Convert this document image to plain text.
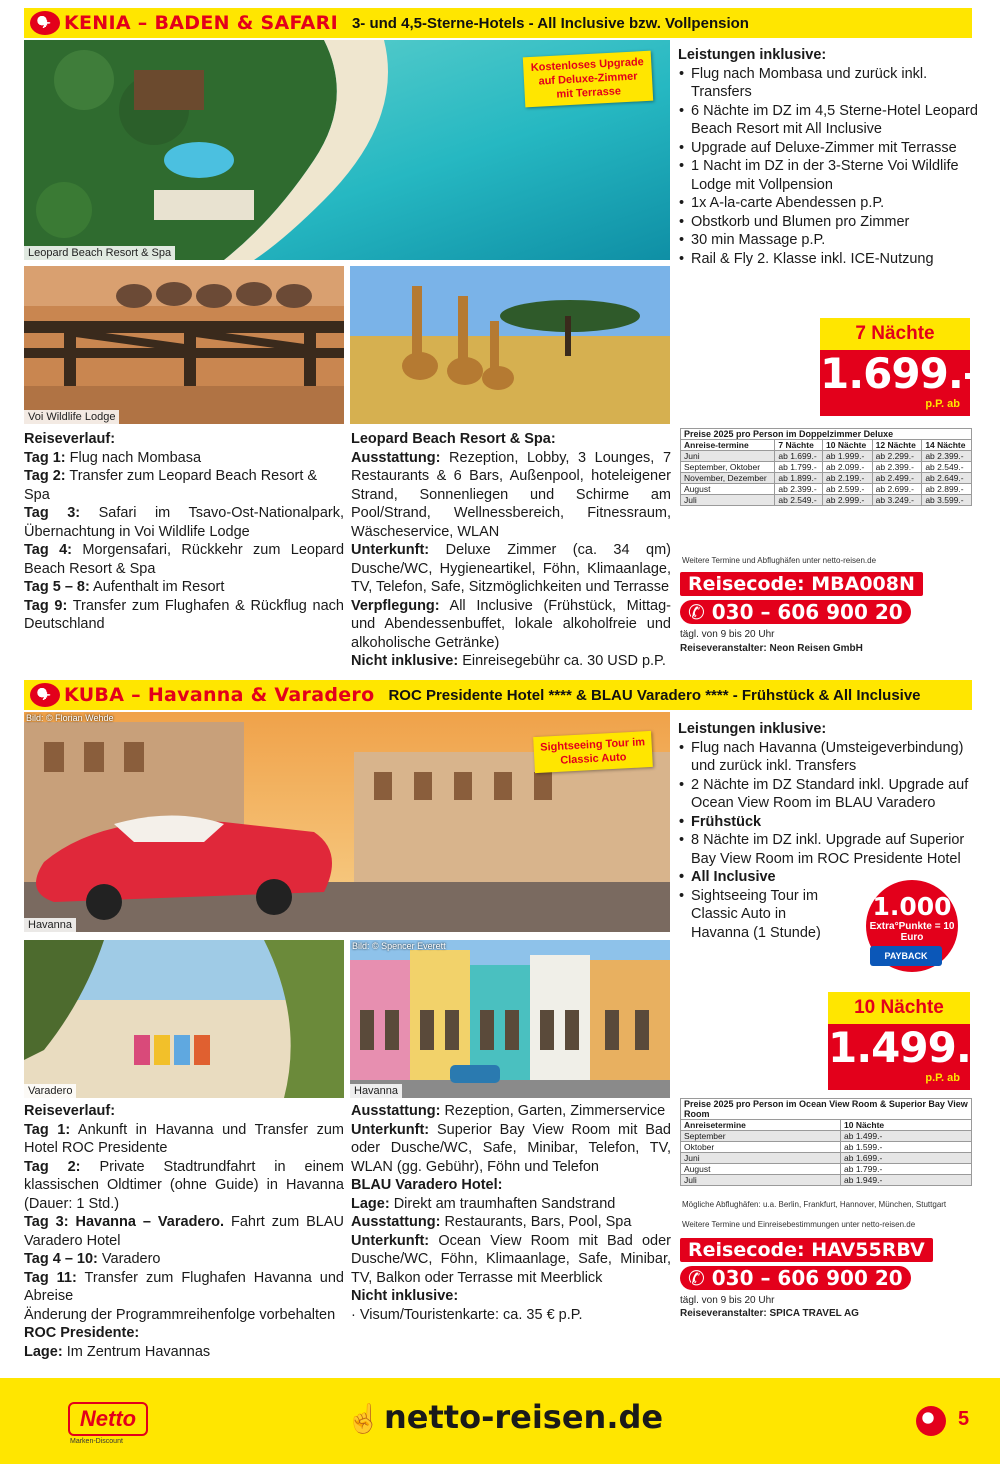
✈ KENIA – BADEN & SAFARI 3- und 4,5-Sterne-Hotels - All Inclusive bzw. Vollpension
Kostenloses Upgrade auf Deluxe-Zimmer mit Terrasse
Leopard Beach Resort & Spa
Leistungen inklusive:
• Flug nach Mombasa und zurück inkl. Transfers
• 6 Nächte im DZ im 4,5 Sterne-Hotel Leopard Beach Resort mit All Inclusive
• Upgrade auf Deluxe-Zimmer mit Terrasse
• 1 Nacht im DZ in der 3-Sterne Voi Wildlife Lodge mit Vollpension
• 1x A-la-carte Abendessen p.P.
• Obstkorb und Blumen pro Zimmer
• 30 min Massage p.P.
• Rail & Fly 2. Klasse inkl. ICE-Nutzung
Voi Wildlife Lodge
Reiseverlauf:
Tag 1: Flug nach Mombasa
Tag 2: Transfer zum Leopard Beach Resort & Spa
Tag 3: Safari im Tsavo-Ost-Nationalpark, Übernachtung in Voi Wildlife Lodge
Tag 4: Morgensafari, Rückkehr zum Leopard Beach Resort & Spa
Tag 5 – 8: Aufenthalt im Resort
Tag 9: Transfer zum Flughafen & Rückflug nach Deutschland
Leopard Beach Resort & Spa:
Ausstattung: Rezeption, Lobby, 3 Lounges, 7 Restaurants & 6 Bars, Außenpool, hoteleigener Strand, Sonnenliegen und Schirme am Pool/Strand, Wellnessbereich, Fitnessraum, Wäscheservice, WLAN
Unterkunft: Deluxe Zimmer (ca. 34 qm) Dusche/WC, Hygieneartikel, Föhn, Klimaanlage, TV, Telefon, Safe, Sitzmöglichkeiten und Terrasse
Verpflegung: All Inclusive (Frühstück, Mittag- und Abendessenbuffet, lokale alkoholfreie und alkoholische Getränke)
Nicht inklusive: Einreisegebühr ca. 30 USD p.P.
7 Nächte
1.699.-
p.P. ab
Preise 2025 pro Person im Doppelzimmer Deluxe				
Anreise-termine	7 Nächte	10 Nächte	12 Nächte	14 Nächte
Juni	ab 1.699.-	ab 1.999.-	ab 2.299.-	ab 2.399.-
September, Oktober	ab 1.799.-	ab 2.099.-	ab 2.399.-	ab 2.549.-
November, Dezember	ab 1.899.-	ab 2.199.-	ab 2.499.-	ab 2.649.-
August	ab 2.399.-	ab 2.599.-	ab 2.699.-	ab 2.899.-
Juli	ab 2.549.-	ab 2.999.-	ab 3.249.-	ab 3.599.-
Weitere Termine und Abflughäfen unter netto-reisen.de
Reisecode: MBA008N
✆ 030 – 606 900 20
tägl. von 9 bis 20 Uhr
Reiseveranstalter: Neon Reisen GmbH
✈ KUBA – Havanna & Varadero ROC Presidente Hotel **** & BLAU Varadero **** - Frühstück & All Inclusive
Bild: © Florian Wehde
Sightseeing Tour im Classic Auto
Havanna
Leistungen inklusive:
• Flug nach Havanna (Umsteigeverbindung) und zurück inkl. Transfers
• 2 Nächte im DZ Standard inkl. Upgrade auf Ocean View Room im BLAU Varadero
• Frühstück
• 8 Nächte im DZ inkl. Upgrade auf Superior Bay View Room im ROC Presidente Hotel
• All Inclusive
• Sightseeing Tour im Classic Auto in Havanna (1 Stunde)
1.000
Extra°Punkte = 10 Euro
PAYBACK
Varadero
Bild: © Spencer Everett
Havanna
10 Nächte
1.499.-
p.P. ab
Reiseverlauf:
Tag 1: Ankunft in Havanna und Transfer zum Hotel ROC Presidente
Tag 2: Private Stadtrundfahrt in einem klassischen Oldtimer (ohne Guide) in Havanna (Dauer: 1 Std.)
Tag 3: Havanna – Varadero. Fahrt zum BLAU Varadero Hotel
Tag 4 – 10: Varadero
Tag 11: Transfer zum Flughafen Havanna und Abreise
Änderung der Programmreihenfolge vorbehalten
ROC Presidente:
Lage: Im Zentrum Havannas
Ausstattung: Rezeption, Garten, Zimmerservice
Unterkunft: Superior Bay View Room mit Bad oder Dusche/WC, Safe, Minibar, Telefon, TV, WLAN (gg. Gebühr), Föhn und Telefon
BLAU Varadero Hotel:
Lage: Direkt am traumhaften Sandstrand
Ausstattung: Restaurants, Bars, Pool, Spa
Unterkunft: Ocean View Room mit Bad oder Dusche/WC, Föhn, Klimaanlage, Safe, Minibar, TV, Balkon oder Terrasse mit Meerblick
Nicht inklusive:
· Visum/Touristenkarte: ca. 35 € p.P.
Preise 2025 pro Person im Ocean View Room & Superior Bay View Room	
Anreisetermine	10 Nächte
September	ab 1.499.-
Oktober	ab 1.599.-
Juni	ab 1.699.-
August	ab 1.799.-
Juli	ab 1.949.-
Mögliche Abflughäfen: u.a. Berlin, Frankfurt, Hannover, München, Stuttgart
Weitere Termine und Einreisebestimmungen unter netto-reisen.de
Reisecode: HAV55RBV
✆ 030 – 606 900 20
tägl. von 9 bis 20 Uhr
Reiseveranstalter: SPICA TRAVEL AG
Netto
Marken-Discount
☝ netto-reisen.de	5
